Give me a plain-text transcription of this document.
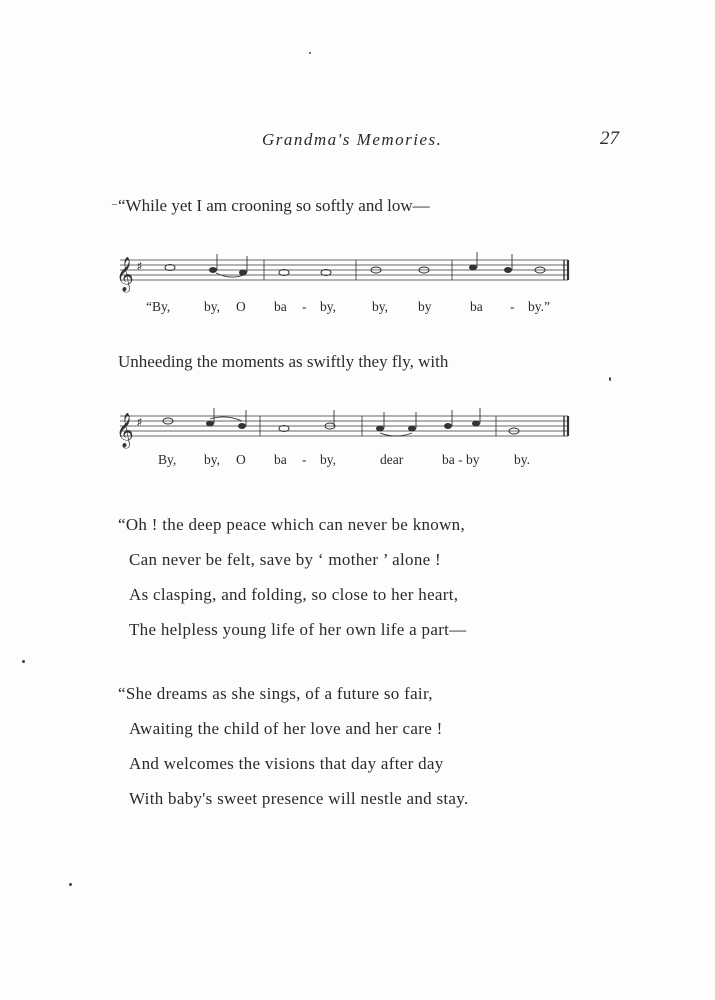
Grandma's Memories.	27
–“While yet I am crooning so softly and low—
𝄞 ♯
“By,	by, O ba - by,	by, by	ba - by.”
Unheeding the moments as swiftly they fly, with
𝄞 ♯
By, by, O ba - by,	dear	ba - by	by.
“Oh ! the deep peace which can never be known,
Can never be felt, save by ‘ mother ’ alone !
As clasping, and folding, so close to her heart,
The helpless young life of her own life a part—
“She dreams as she sings, of a future so fair,
Awaiting the child of her love and her care !
And welcomes the visions that day after day
With baby's sweet presence will nestle and stay.
